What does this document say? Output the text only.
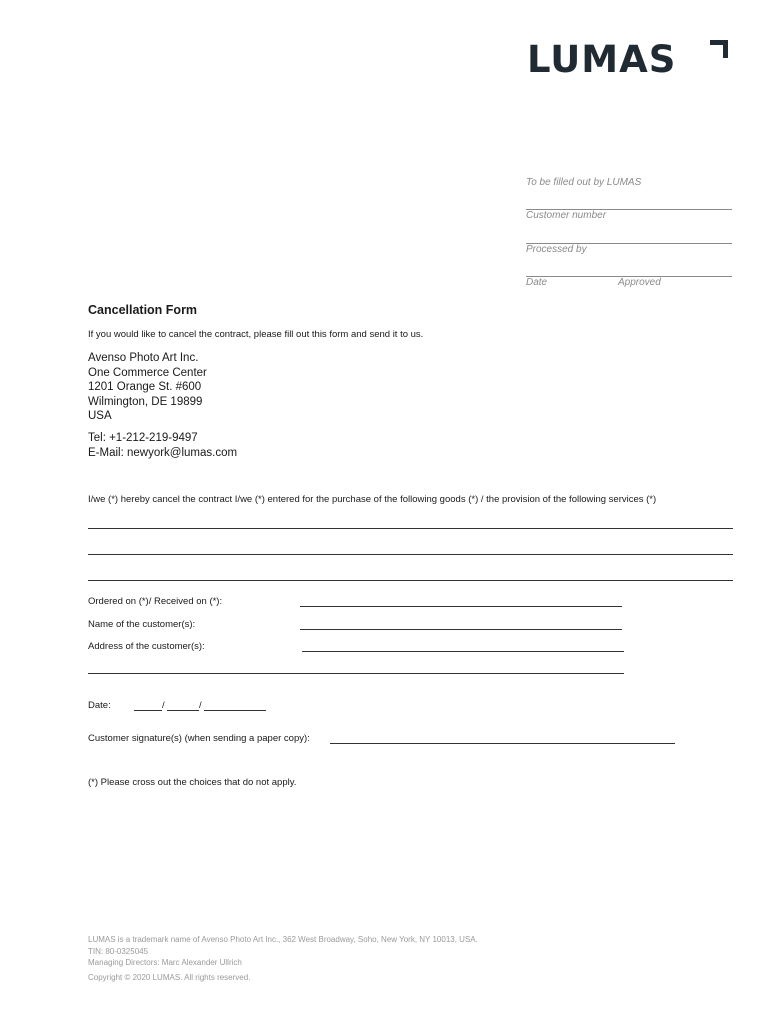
LUMAS
To be filled out by LUMAS
Customer number
Processed by
Date	Approved
Cancellation Form
If you would like to cancel the contract, please fill out this form and send it to us.
Avenso Photo Art Inc.
One Commerce Center
1201 Orange St. #600
Wilmington, DE 19899
USA
Tel: +1-212-219-9497
E-Mail: newyork@lumas.com
I/we (*) hereby cancel the contract I/we (*) entered for the purchase of the following goods (*) / the provision of the following services (*)
Ordered on (*)/ Received on (*):
Name of the customer(s):
Address of the customer(s):
Date:	/	/
Customer signature(s) (when sending a paper copy):
(*) Please cross out the choices that do not apply.
LUMAS is a trademark name of Avenso Photo Art Inc., 362 West Broadway, Soho, New York, NY 10013, USA.
TIN: 80-0325045
Managing Directors: Marc Alexander Ullrich
Copyright © 2020 LUMAS. All rights reserved.
